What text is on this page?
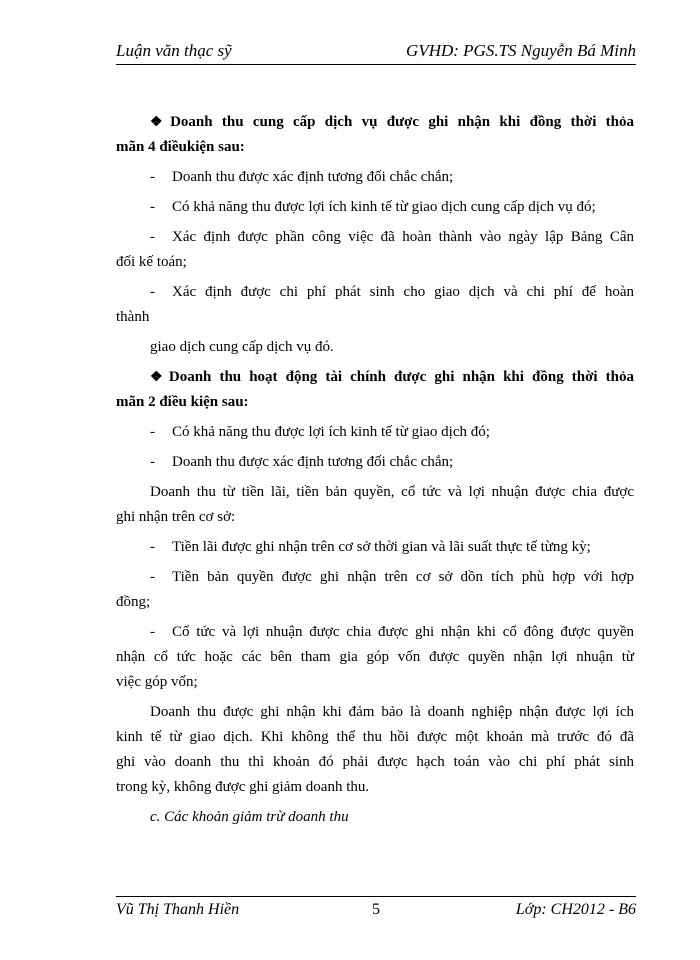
Luận văn thạc sỹ	GVHD: PGS.TS Nguyễn Bá Minh
❖ Doanh thu cung cấp dịch vụ được ghi nhận khi đồng thời thỏa
mãn 4 điềukiện sau:

- Doanh thu được xác định tương đối chắc chắn;

- Có khả năng thu được lợi ích kinh tế từ giao dịch cung cấp dịch vụ đó;

- Xác định được phần công việc đã hoàn thành vào ngày lập Bảng Cân

đối kế toán;

- Xác định được chi phí phát sinh cho giao dịch và chi phí để hoàn

thành

giao dịch cung cấp dịch vụ đó.

❖ Doanh thu hoạt động tài chính được ghi nhận khi đồng thời thỏa
mãn 2 điều kiện sau:

- Có khả năng thu được lợi ích kinh tế từ giao dịch đó;

- Doanh thu được xác định tương đối chắc chắn;

Doanh thu từ tiền lãi, tiền bản quyền, cổ tức và lợi nhuận được chia được

ghi nhận trên cơ sở:

- Tiền lãi được ghi nhận trên cơ sở thời gian và lãi suất thực tế từng kỳ;

- Tiền bản quyền được ghi nhận trên cơ sở dồn tích phù hợp với hợp

đồng;

- Cổ tức và lợi nhuận được chia được ghi nhận khi cổ đông được quyền

nhận cổ tức hoặc các bên tham gia góp vốn được quyền nhận lợi nhuận từ

việc góp vốn;

Doanh thu được ghi nhận khi đảm bảo là doanh nghiệp nhận được lợi ích

kinh tế từ giao dịch. Khi không thể thu hồi được một khoản mà trước đó đã

ghi vào doanh thu thì khoản đó phải được hạch toán vào chi phí phát sinh

trong kỳ, không được ghi giảm doanh thu.

c. Các khoản giảm trừ doanh thu

Vũ Thị Thanh Hiền	5	Lớp: CH2012 - B6
